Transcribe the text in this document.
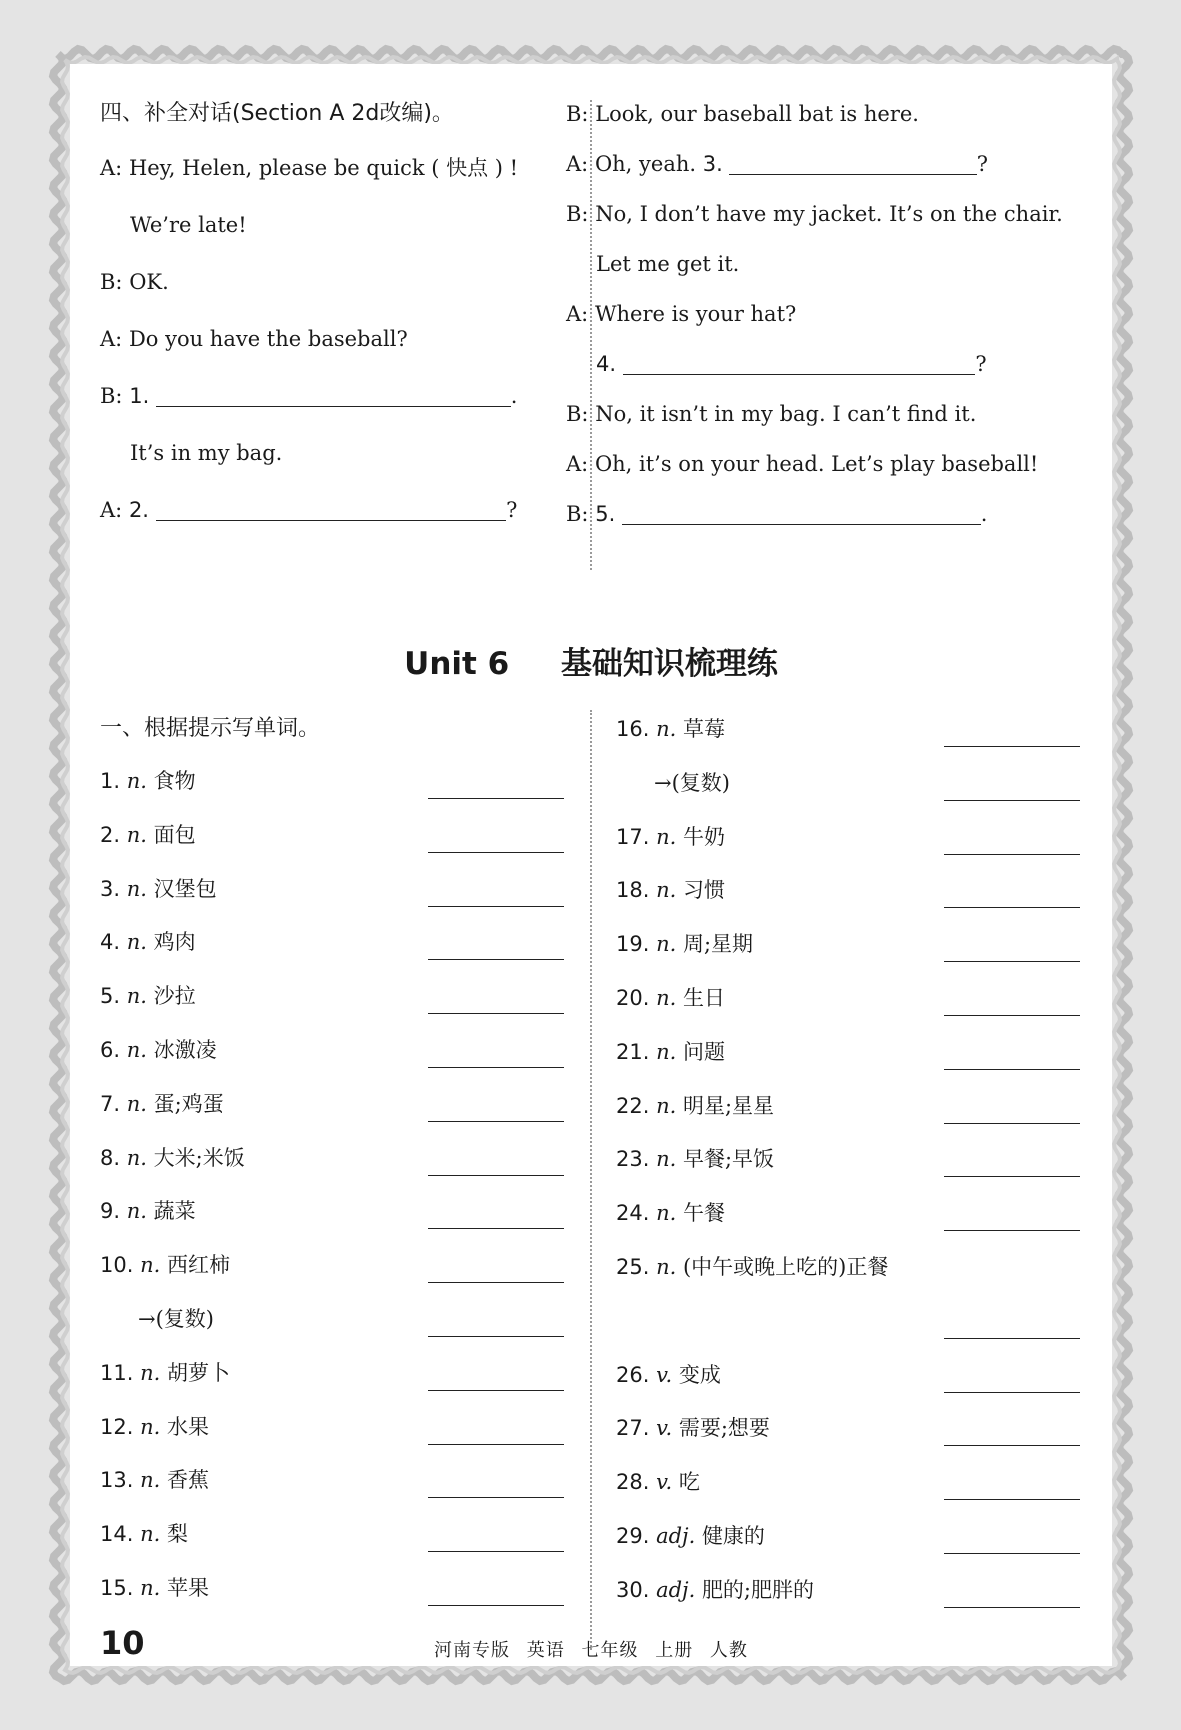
四、补全对话(Section A 2d改编)。
A: Hey, Helen, please be quick ( 快点 ) !
We’re late!
B: OK.
A: Do you have the baseball?
B: 1.	.
It’s in my bag.
A: 2.	?
B: Look, our baseball bat is here.
A: Oh, yeah. 3.	?
B: No, I don’t have my jacket. It’s on the chair.
Let me get it.
A: Where is your hat?
4.	?
B: No, it isn’t in my bag. I can’t find it.
A: Oh, it’s on your head. Let’s play baseball!
B: 5.	.
Unit 6 基础知识梳理练
一、根据提示写单词。
1. n. 食物
2. n. 面包
3. n. 汉堡包
4. n. 鸡肉
5. n. 沙拉
6. n. 冰激凌
7. n. 蛋;鸡蛋
8. n. 大米;米饭
9. n. 蔬菜
10. n. 西红柿
→(复数)
11. n. 胡萝卜
12. n. 水果
13. n. 香蕉
14. n. 梨
15. n. 苹果
16. n. 草莓
→(复数)
17. n. 牛奶
18. n. 习惯
19. n. 周;星期
20. n. 生日
21. n. 问题
22. n. 明星;星星
23. n. 早餐;早饭
24. n. 午餐
25. n. (中午或晚上吃的)正餐
26. v. 变成
27. v. 需要;想要
28. v. 吃
29. adj. 健康的
30. adj. 肥的;肥胖的
10	河南专版 英语 七年级 上册 人教
